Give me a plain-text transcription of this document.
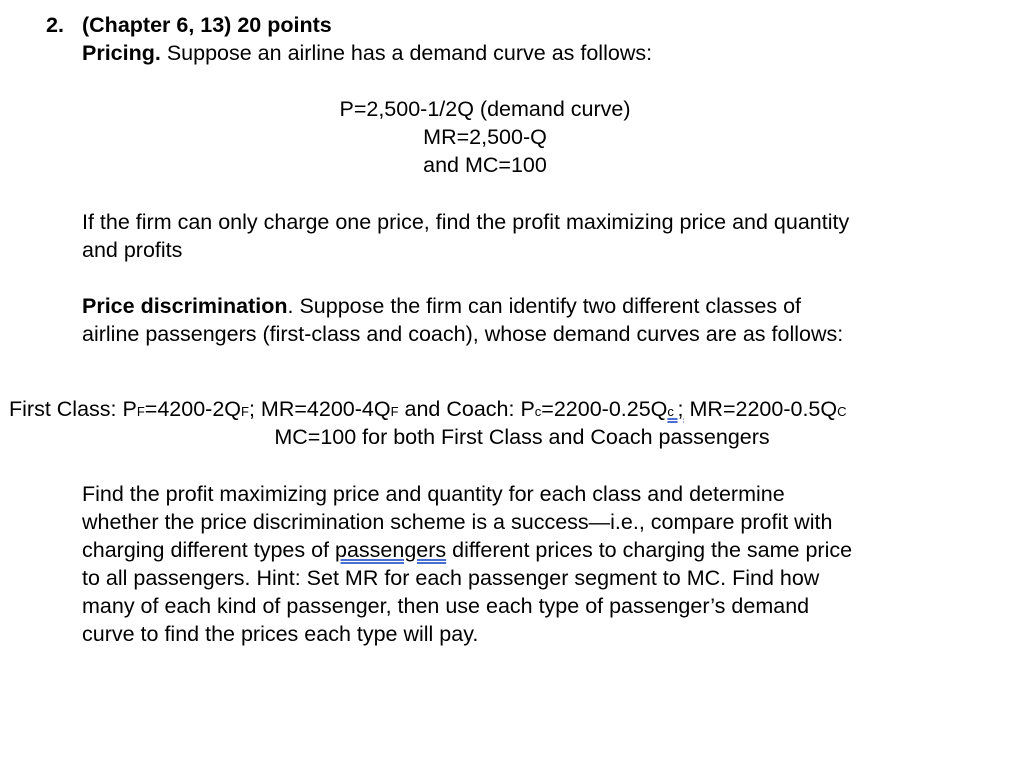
2. (Chapter 6, 13) 20 points

Pricing. Suppose an airline has a demand curve as follows:

P=2,500-1/2Q (demand curve)

MR=2,500-Q

and MC=100

If the firm can only charge one price, find the profit maximizing price and quantity

and profits

Price discrimination. Suppose the firm can identify two different classes of

airline passengers (first-class and coach), whose demand curves are as follows:

First Class: PF=4200-2QF; MR=4200-4QF and Coach: Pc=2200-0.25Qc ; MR=2200-0.5QC

MC=100 for both First Class and Coach passengers

Find the profit maximizing price and quantity for each class and determine

whether the price discrimination scheme is a success—i.e., compare profit with

charging different types of passengers different prices to charging the same price

to all passengers. Hint: Set MR for each passenger segment to MC. Find how

many of each kind of passenger, then use each type of passenger’s demand

curve to find the prices each type will pay.
